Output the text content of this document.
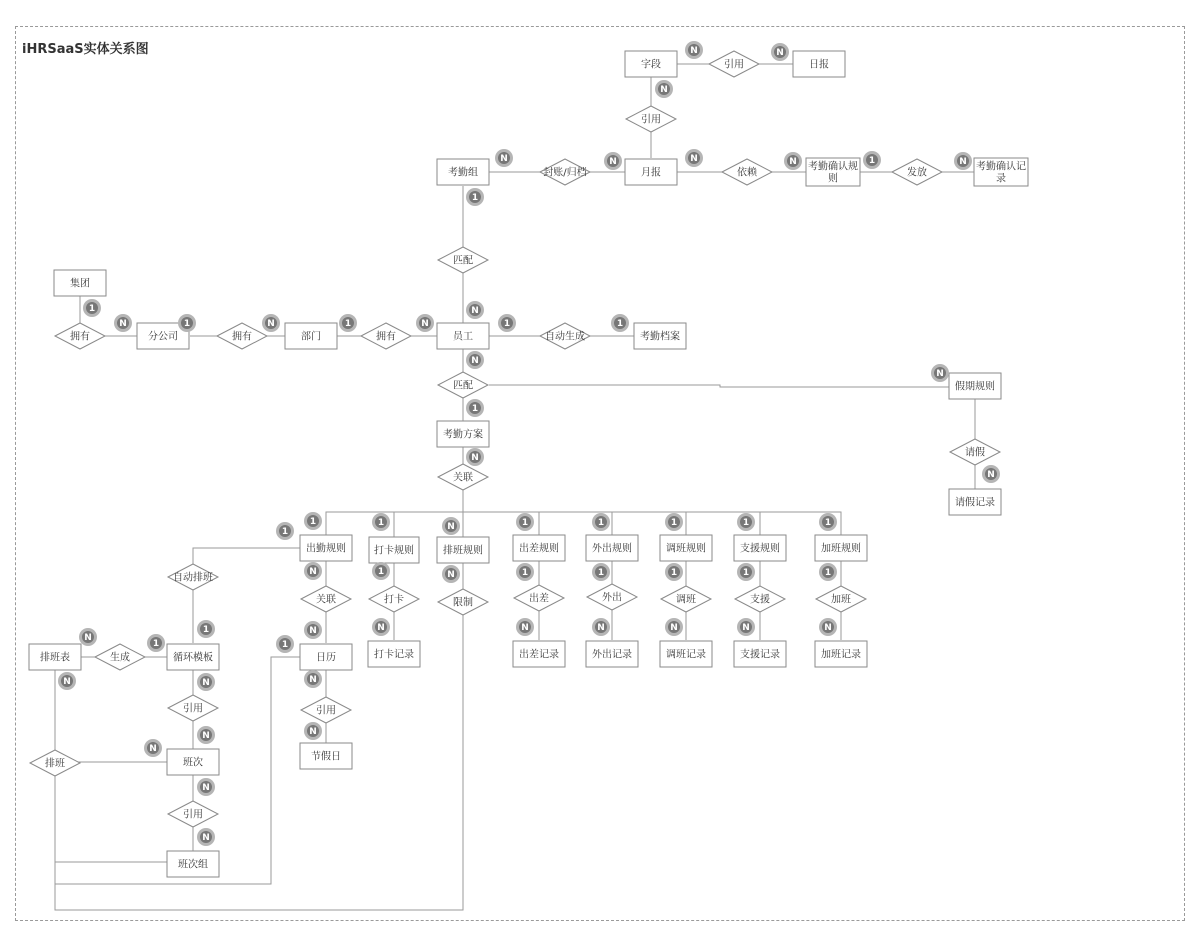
iHRSaaS实体关系图
字段	日报
月报
考勤组
考勤确认规
则
考勤确认记
录
集团
分公司	部门	员工	考勤档案
假期规则
请假记录
考勤方案
出勤规则	打卡规则	排班规则	出差规则	外出规则	调班规则	支援规则	加班规则
打卡记录	出差记录	外出记录	调班记录	支援记录	加班记录
排班表	循环模板	日历
节假日
班次
班次组
引用
引用
封账/归档	依赖	发放
匹配
拥有	拥有	拥有	自动生成
匹配
请假
关联
自动排班
关联	打卡	限制	出差	外出	调班	支援	加班
生成
引用	引用
引用
排班
N	N
N
N	N	N	N	1	N
1
1
N	1	N	1	N	1	1
N
N
N
1
N
N
1
1	1	N	1	1	1	1	1
N	1	N	1	1	1	1	1
N	N	N	N	N	N	N
1
1
N
1
N	N	N
N
N
N
N
N
